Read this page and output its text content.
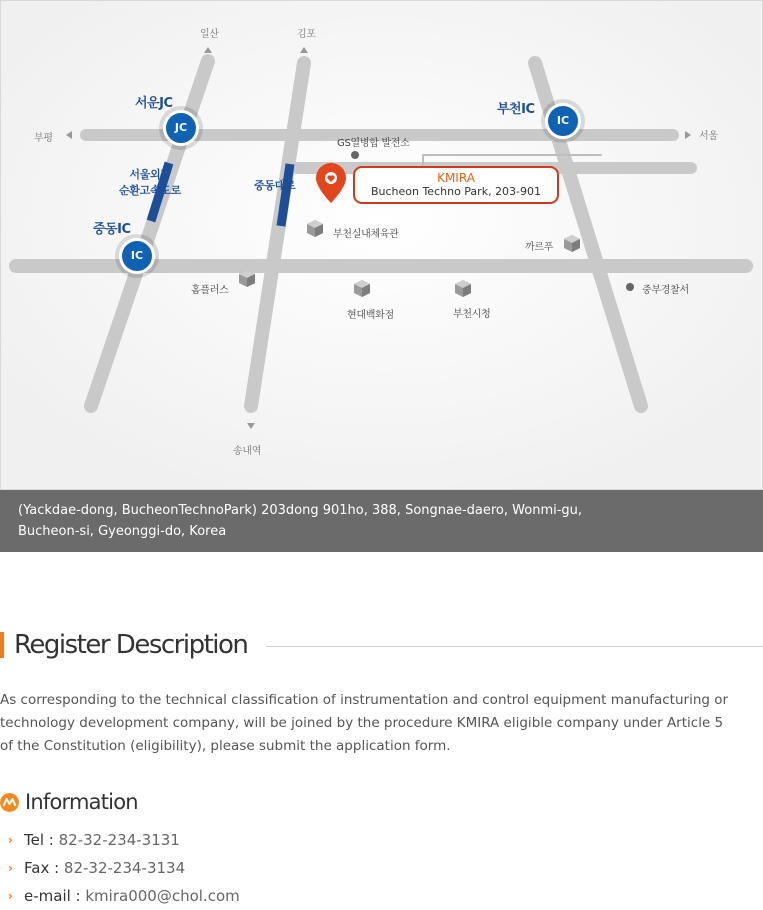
JC
IC
IC
서운JC	부천IC
중동IC
서울외곽
순환고속도로	중동대로
일산	김포
부평	서울
송내역
GS열병합 발전소
부천실내체육관
까르푸
홈플러스
현대백화점	부천시청
중부경찰서
KMIRA
Bucheon Techno Park, 203-901
(Yackdae-dong, BucheonTechnoPark) 203dong 901ho, 388, Songnae-daero, Wonmi-gu,
Bucheon-si, Gyeonggi-do, Korea
Register Description
As corresponding to the technical classification of instrumentation and control equipment manufacturing or technology development company, will be joined by the procedure KMIRA eligible company under Article 5 of the Constitution (eligibility), please submit the application form.
Information
› Tel : 82-32-234-3131
› Fax : 82-32-234-3134
› e-mail : kmira000@chol.com
